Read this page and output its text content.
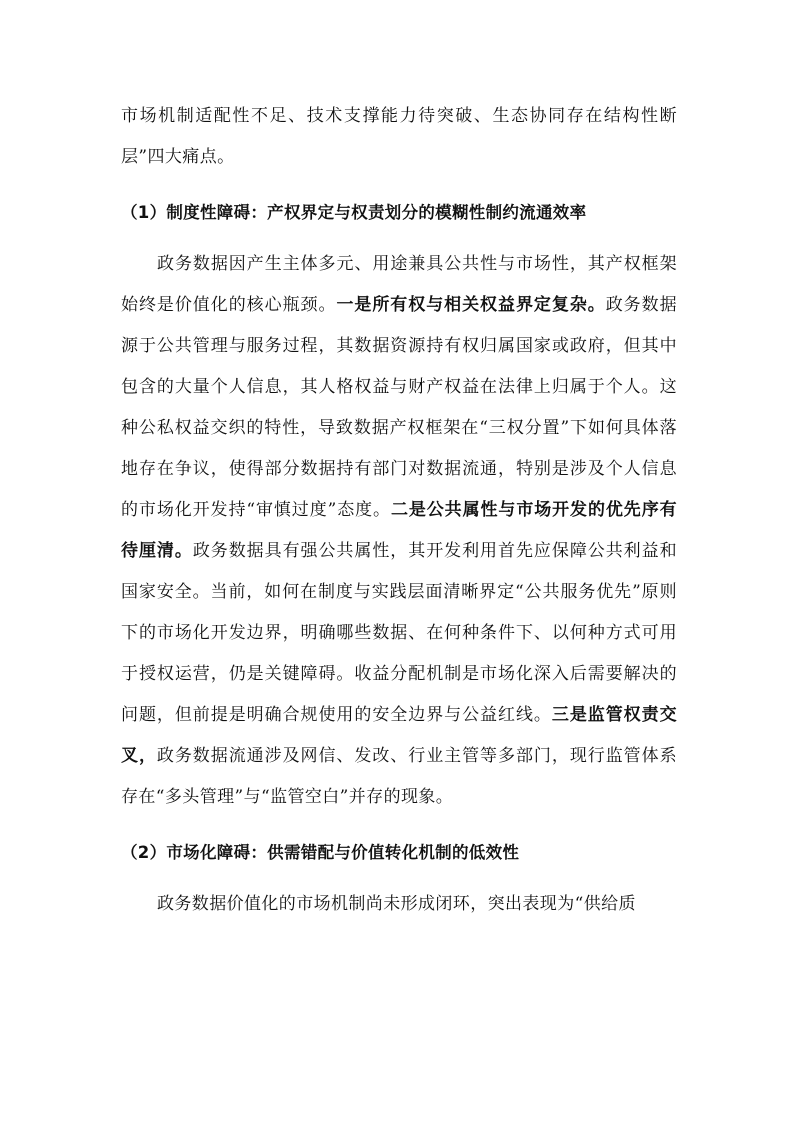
市场机制适配性不足、技术支撑能力待突破、生态协同存在结构性断层”四大痛点。

（1）制度性障碍：产权界定与权责划分的模糊性制约流通效率

政务数据因产生主体多元、用途兼具公共性与市场性，其产权框架始终是价值化的核心瓶颈。一是所有权与相关权益界定复杂。政务数据源于公共管理与服务过程，其数据资源持有权归属国家或政府，但其中包含的大量个人信息，其人格权益与财产权益在法律上归属于个人。这种公私权益交织的特性，导致数据产权框架在“三权分置”下如何具体落地存在争议，使得部分数据持有部门对数据流通，特别是涉及个人信息的市场化开发持“审慎过度”态度。二是公共属性与市场开发的优先序有待厘清。政务数据具有强公共属性，其开发利用首先应保障公共利益和国家安全。当前，如何在制度与实践层面清晰界定“公共服务优先”原则下的市场化开发边界，明确哪些数据、在何种条件下、以何种方式可用于授权运营，仍是关键障碍。收益分配机制是市场化深入后需要解决的问题，但前提是明确合规使用的安全边界与公益红线。三是监管权责交叉，政务数据流通涉及网信、发改、行业主管等多部门，现行监管体系存在“多头管理”与“监管空白”并存的现象。

（2）市场化障碍：供需错配与价值转化机制的低效性

政务数据价值化的市场机制尚未形成闭环，突出表现为“供给质
